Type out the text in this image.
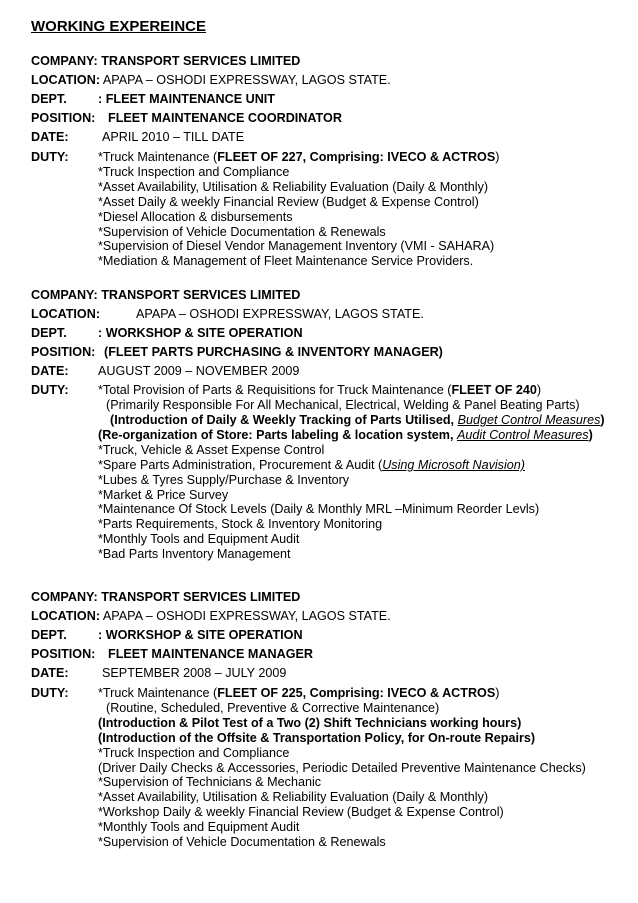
WORKING EXPEREINCE
COMPANY: TRANSPORT SERVICES LIMITED
LOCATION: APAPA – OSHODI EXPRESSWAY, LAGOS STATE.
DEPT. : FLEET MAINTENANCE UNIT
POSITION: FLEET MAINTENANCE COORDINATOR
DATE:	APRIL 2010 – TILL DATE
DUTY: *Truck Maintenance (FLEET OF 227, Comprising: IVECO & ACTROS)
*Truck Inspection and Compliance
*Asset Availability, Utilisation & Reliability Evaluation (Daily & Monthly)
*Asset Daily & weekly Financial Review (Budget & Expense Control)
*Diesel Allocation & disbursements
*Supervision of Vehicle Documentation & Renewals
*Supervision of Diesel Vendor Management Inventory (VMI - SAHARA)
*Mediation & Management of Fleet Maintenance Service Providers.
COMPANY: TRANSPORT SERVICES LIMITED
LOCATION:	APAPA – OSHODI EXPRESSWAY, LAGOS STATE.
DEPT. : WORKSHOP & SITE OPERATION
POSITION: (FLEET PARTS PURCHASING & INVENTORY MANAGER)
DATE: AUGUST 2009 – NOVEMBER 2009
DUTY: *Total Provision of Parts & Requisitions for Truck Maintenance (FLEET OF 240)
(Primarily Responsible For All Mechanical, Electrical, Welding & Panel Beating Parts)
(Introduction of Daily & Weekly Tracking of Parts Utilised, Budget Control Measures)
(Re-organization of Store: Parts labeling & location system, Audit Control Measures)
*Truck, Vehicle & Asset Expense Control
*Spare Parts Administration, Procurement & Audit (Using Microsoft Navision)
*Lubes & Tyres Supply/Purchase & Inventory
*Market & Price Survey
*Maintenance Of Stock Levels (Daily & Monthly MRL –Minimum Reorder Levls)
*Parts Requirements, Stock & Inventory Monitoring
*Monthly Tools and Equipment Audit
*Bad Parts Inventory Management
COMPANY: TRANSPORT SERVICES LIMITED
LOCATION: APAPA – OSHODI EXPRESSWAY, LAGOS STATE.
DEPT. : WORKSHOP & SITE OPERATION
POSITION: FLEET MAINTENANCE MANAGER
DATE:	SEPTEMBER 2008 – JULY 2009
DUTY: *Truck Maintenance (FLEET OF 225, Comprising: IVECO & ACTROS)
(Routine, Scheduled, Preventive & Corrective Maintenance)
(Introduction & Pilot Test of a Two (2) Shift Technicians working hours)
(Introduction of the Offsite & Transportation Policy, for On-route Repairs)
*Truck Inspection and Compliance
(Driver Daily Checks & Accessories, Periodic Detailed Preventive Maintenance Checks)
*Supervision of Technicians & Mechanic
*Asset Availability, Utilisation & Reliability Evaluation (Daily & Monthly)
*Workshop Daily & weekly Financial Review (Budget & Expense Control)
*Monthly Tools and Equipment Audit
*Supervision of Vehicle Documentation & Renewals
